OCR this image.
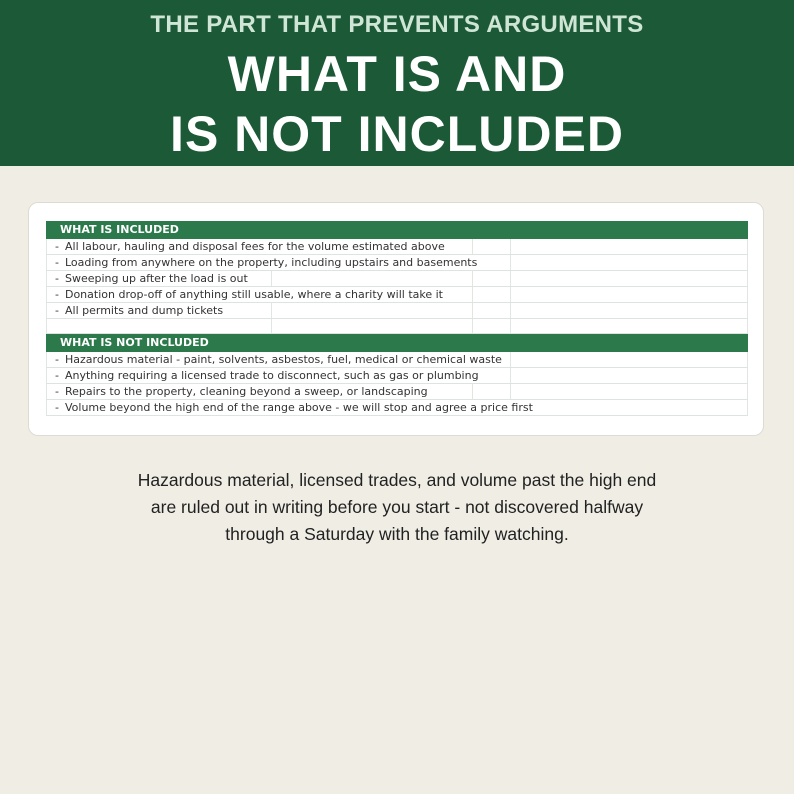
THE PART THAT PREVENTS ARGUMENTS
WHAT IS AND
IS NOT INCLUDED
WHAT IS INCLUDED
- All labour, hauling and disposal fees for the volume estimated above
- Loading from anywhere on the property, including upstairs and basements
- Sweeping up after the load is out
- Donation drop-off of anything still usable, where a charity will take it
- All permits and dump tickets
WHAT IS NOT INCLUDED
- Hazardous material - paint, solvents, asbestos, fuel, medical or chemical waste
- Anything requiring a licensed trade to disconnect, such as gas or plumbing
- Repairs to the property, cleaning beyond a sweep, or landscaping
- Volume beyond the high end of the range above - we will stop and agree a price first
Hazardous material, licensed trades, and volume past the high end
are ruled out in writing before you start - not discovered halfway
through a Saturday with the family watching.
